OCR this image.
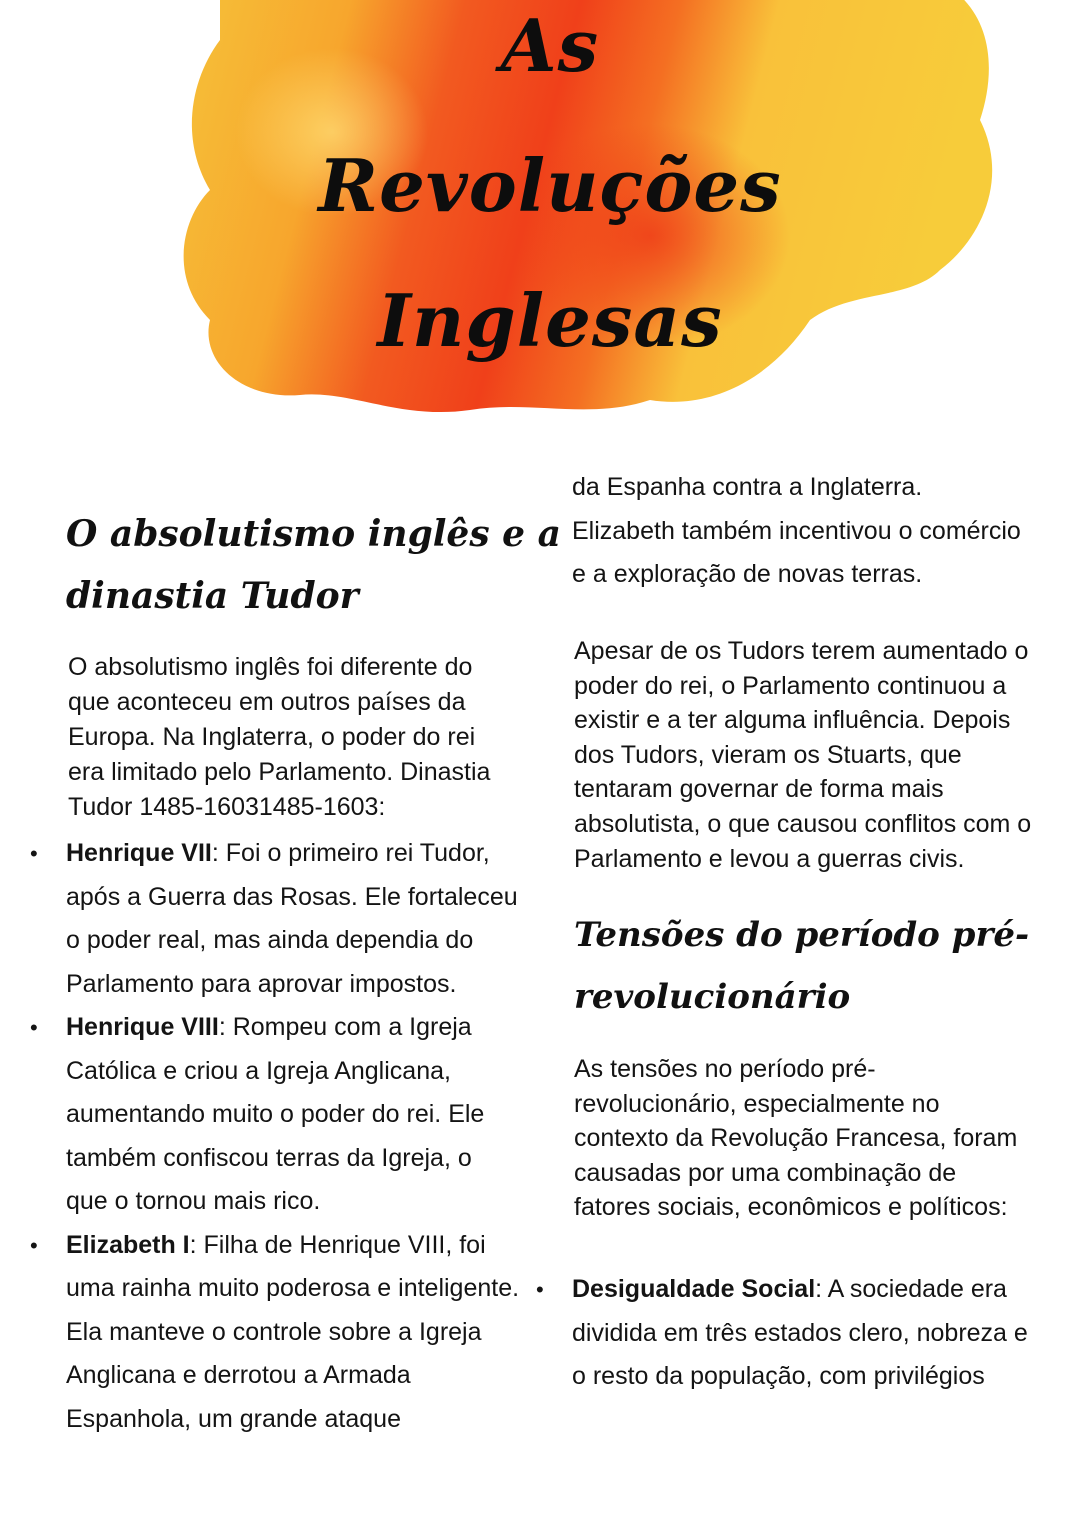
As
Revoluções
Inglesas
O absolutismo inglês e a
dinastia Tudor

O absolutismo inglês foi diferente do que aconteceu em outros países da Europa. Na Inglaterra, o poder do rei era limitado pelo Parlamento. Dinastia Tudor 1485-16031485-1603:

• Henrique VII: Foi o primeiro rei Tudor, após a Guerra das Rosas. Ele fortaleceu o poder real, mas ainda dependia do Parlamento para aprovar impostos.
• Henrique VIII: Rompeu com a Igreja Católica e criou a Igreja Anglicana, aumentando muito o poder do rei. Ele também confiscou terras da Igreja, o que o tornou mais rico.
• Elizabeth I: Filha de Henrique VIII, foi uma rainha muito poderosa e inteligente. Ela manteve o controle sobre a Igreja Anglicana e derrotou a Armada Espanhola, um grande ataque

da Espanha contra a Inglaterra. Elizabeth também incentivou o comércio e a exploração de novas terras.

Apesar de os Tudors terem aumentado o poder do rei, o Parlamento continuou a existir e a ter alguma influência. Depois dos Tudors, vieram os Stuarts, que tentaram governar de forma mais absolutista, o que causou conflitos com o Parlamento e levou a guerras civis.

Tensões do período pré-
revolucionário

As tensões no período pré-revolucionário, especialmente no contexto da Revolução Francesa, foram causadas por uma combinação de fatores sociais, econômicos e políticos:

• Desigualdade Social: A sociedade era dividida em três estados clero, nobreza e o resto da população, com privilégios
